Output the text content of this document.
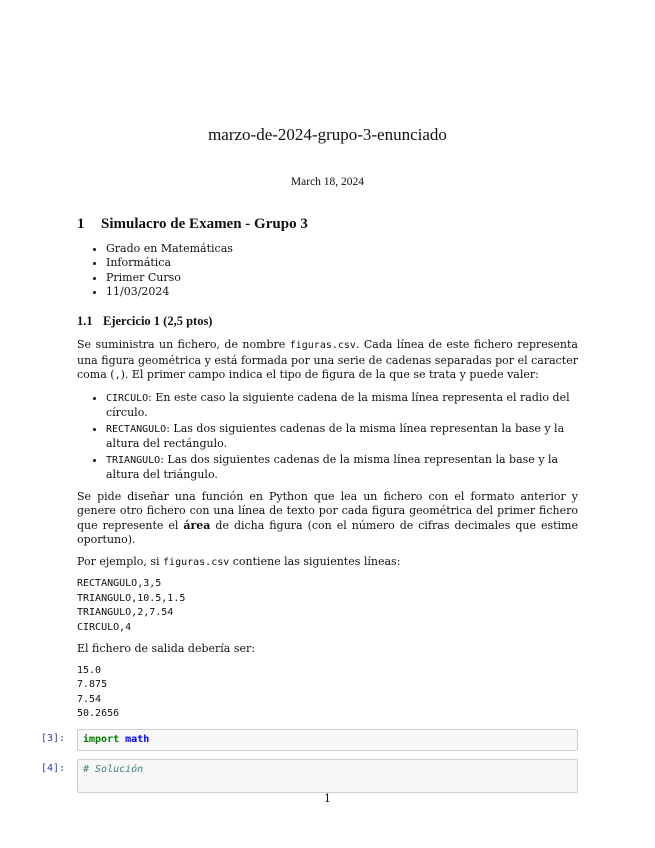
marzo-de-2024-grupo-3-enunciado
March 18, 2024
1 Simulacro de Examen - Grupo 3
• Grado en Matemáticas
• Informática
• Primer Curso
• 11/03/2024
1.1 Ejercicio 1 (2,5 ptos)

Se suministra un fichero, de nombre figuras.csv. Cada línea de este fichero representa una figura geométrica y está formada por una serie de cadenas separadas por el caracter coma (,). El primer campo indica el tipo de figura de la que se trata y puede valer:

• CIRCULO: En este caso la siguiente cadena de la misma línea representa el radio del círculo.
• RECTANGULO: Las dos siguientes cadenas de la misma línea representan la base y la altura del rectángulo.
• TRIANGULO: Las dos siguientes cadenas de la misma línea representan la base y la altura del triángulo.

Se pide diseñar una función en Python que lea un fichero con el formato anterior y genere otro fichero con una línea de texto por cada figura geométrica del primer fichero que represente el área de dicha figura (con el número de cifras decimales que estime oportuno).

Por ejemplo, si figuras.csv contiene las siguientes líneas:

RECTANGULO,3,5
TRIANGULO,10.5,1.5
TRIANGULO,2,7.54
CIRCULO,4

El fichero de salida debería ser:

15.0
7.875
7.54
50.2656
[3]:	import math
[4]:	# Solución
1
